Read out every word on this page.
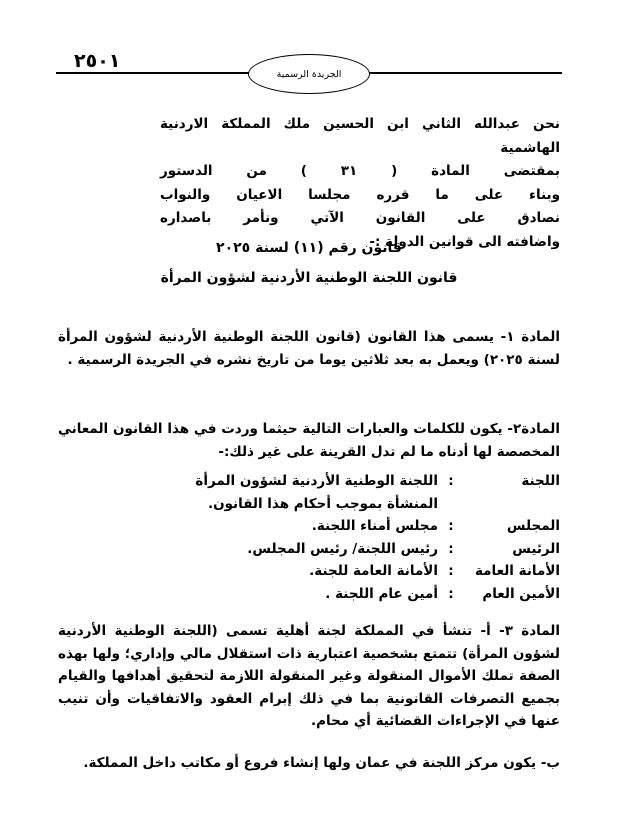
٢٥٠١
الجريدة الرسمية
نحن عبدالله الثاني ابن الحسين ملك المملكة الاردنية الهاشمية
بمقتضى المادة ( ٣١ ) من الدستور
وبناء على ما قرره مجلسا الاعيان والنواب
نصادق على القانون الآتي ونأمر باصداره
واضافته الى قوانين الدولة :-
قانون رقم (١١) لسنة ٢٠٢٥
قانون اللجنة الوطنية الأردنية لشؤون المرأة
المادة ١- يسمى هذا القانون (قانون اللجنة الوطنية الأردنية لشؤون المرأة لسنة ٢٠٢٥) ويعمل به بعد ثلاثين يوما من تاريخ نشره في الجريدة الرسمية .
المادة٢- يكون للكلمات والعبارات التالية حيثما وردت في هذا القانون المعاني المخصصة لها أدناه ما لم تدل القرينة على غير ذلك:-
اللجنة
:
اللجنة الوطنية الأردنية لشؤون المرأة المنشأة بموجب أحكام هذا القانون.
المجلس
:
مجلس أمناء اللجنة.
الرئيس
:
رئيس اللجنة/ رئيس المجلس.
الأمانة العامة
:
الأمانة العامة للجنة.
الأمين العام
:
أمين عام اللجنة .
المادة ٣- أ- تنشأ في المملكة لجنة أهلية تسمى (اللجنة الوطنية الأردنية لشؤون المرأة) تتمتع بشخصية اعتبارية ذات استقلال مالي وإداري؛ ولها بهذه الصفة تملك الأموال المنقولة وغير المنقولة اللازمة لتحقيق أهدافها والقيام بجميع التصرفات القانونية بما في ذلك إبرام العقود والاتفاقيات وأن تنيب عنها في الإجراءات القضائية أي محام.
ب- يكون مركز اللجنة في عمان ولها إنشاء فروع أو مكاتب داخل المملكة.
